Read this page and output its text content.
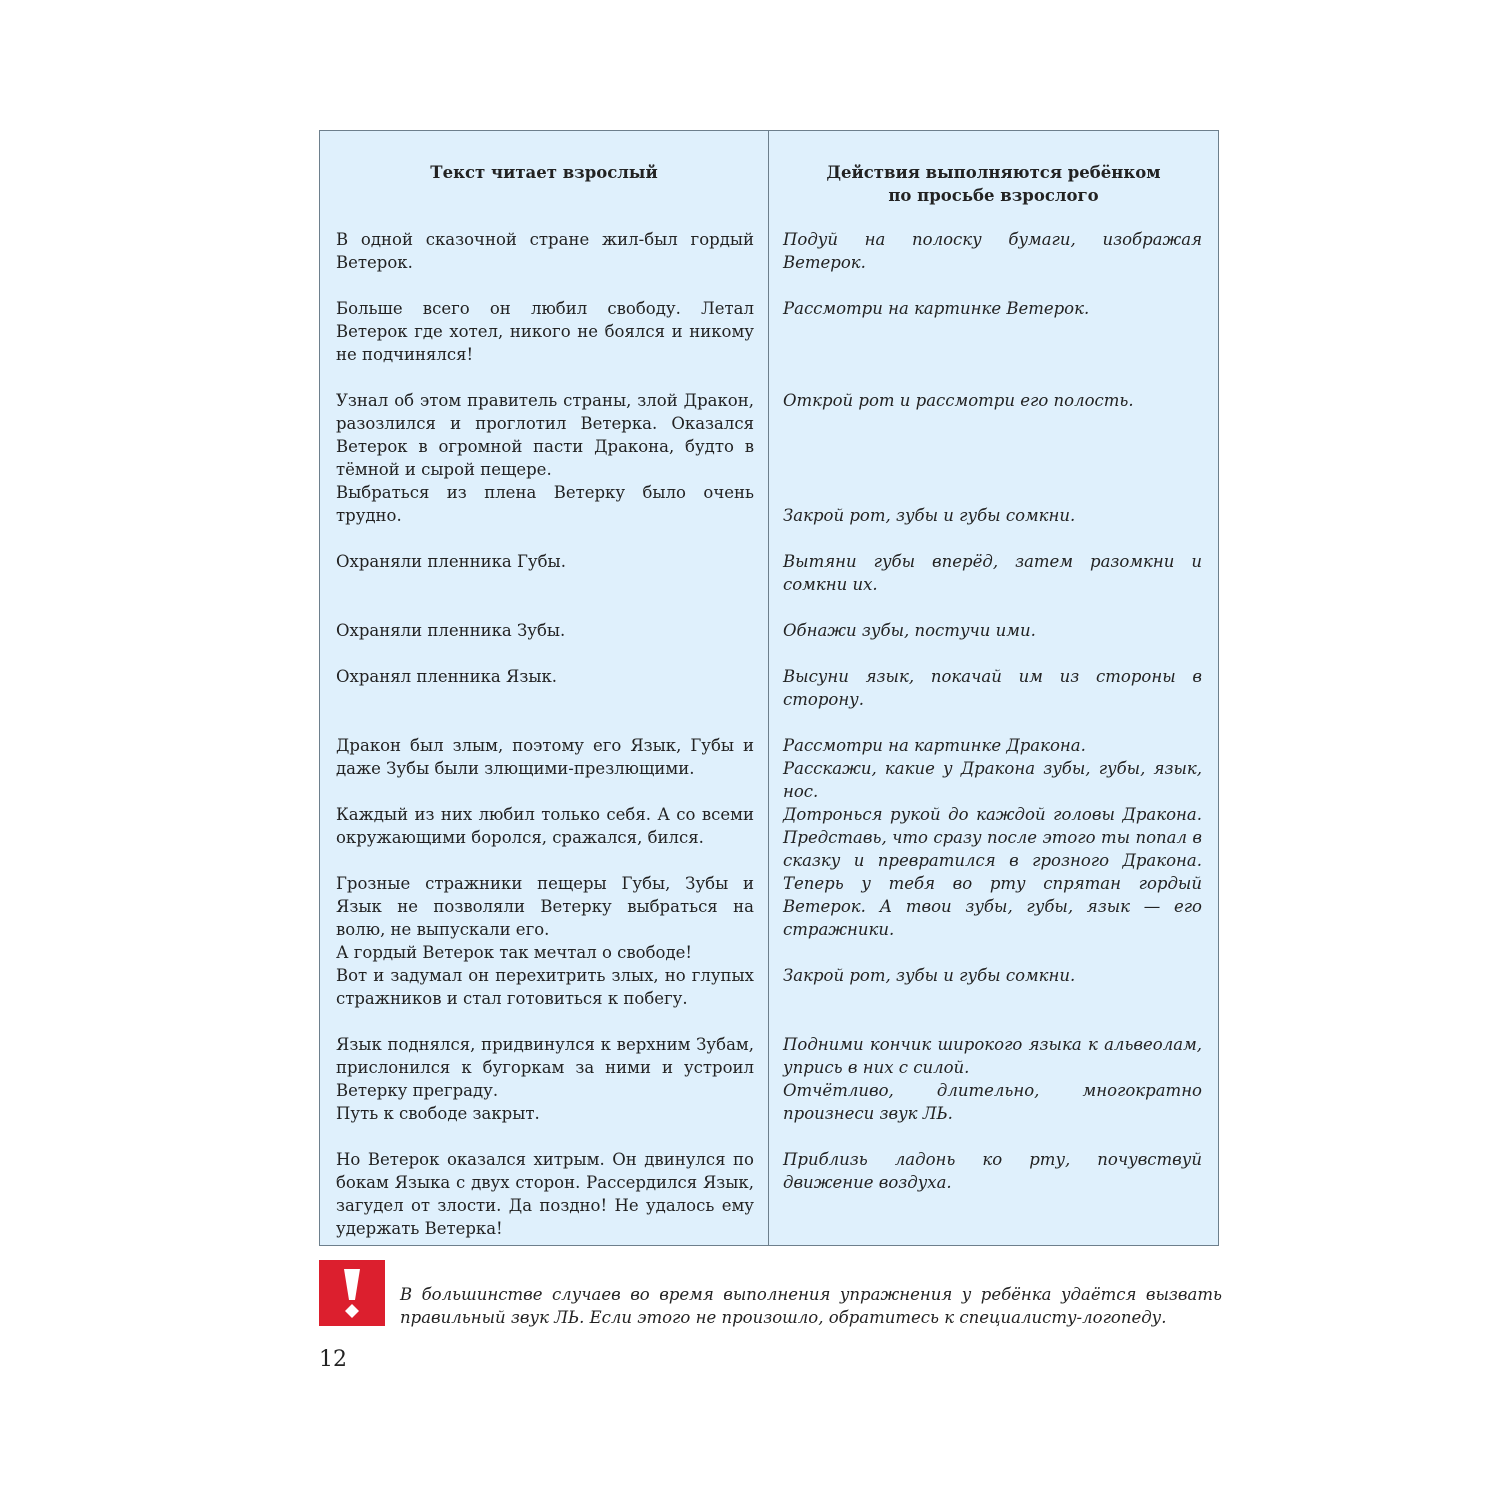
Текст читает взрослый
В одной сказочной стране жил-был гордый Ветерок.
Больше всего он любил свободу. Летал Ветерок где хотел, никого не боялся и никому не подчинялся!
Узнал об этом правитель страны, злой Дракон, разозлился и проглотил Ветерка. Оказался Ветерок в огромной пасти Дракона, будто в тёмной и сырой пещере.
Выбраться из плена Ветерку было очень трудно.
Охраняли пленника Губы.
Охраняли пленника Зубы.
Охранял пленника Язык.
Дракон был злым, поэтому его Язык, Губы и даже Зубы были злющими-презлющими.
Каждый из них любил только себя. А со всеми окружающими боролся, сражался, бился.
Грозные стражники пещеры Губы, Зубы и Язык не позволяли Ветерку выбраться на волю, не выпускали его.
А гордый Ветерок так мечтал о свободе!
Вот и задумал он перехитрить злых, но глупых стражников и стал готовиться к побегу.
Язык поднялся, придвинулся к верхним Зубам, прислонился к бугоркам за ними и устроил Ветерку преграду.
Путь к свободе закрыт.
Но Ветерок оказался хитрым. Он двинулся по бокам Языка с двух сторон. Рассердился Язык, загудел от злости. Да поздно! Не удалось ему удержать Ветерка!
Действия выполняются ребёнком
по просьбе взрослого
Подуй на полоску бумаги, изображая Ветерок.
Рассмотри на картинке Ветерок.
Открой рот и рассмотри его полость.
Закрой рот, зубы и губы сомкни.
Вытяни губы вперёд, затем разомкни и сомкни их.
Обнажи зубы, постучи ими.
Высуни язык, покачай им из стороны в сторону.
Рассмотри на картинке Дракона.
Расскажи, какие у Дракона зубы, губы, язык, нос.
Дотронься рукой до каждой головы Дракона. Представь, что сразу после этого ты попал в сказку и превратился в грозного Дракона. Теперь у тебя во рту спрятан гордый Ветерок. А твои зубы, губы, язык — его стражники.
Закрой рот, зубы и губы сомкни.
Подними кончик широкого языка к альвеолам, упрись в них с силой.
Отчётливо, длительно, многократно произнеси звук ЛЬ.
Приблизь ладонь ко рту, почувствуй движение воздуха.
В большинстве случаев во время выполнения упражнения у ребёнка удаётся вызвать правильный звук ЛЬ. Если этого не произошло, обратитесь к специалисту-логопеду.
12
